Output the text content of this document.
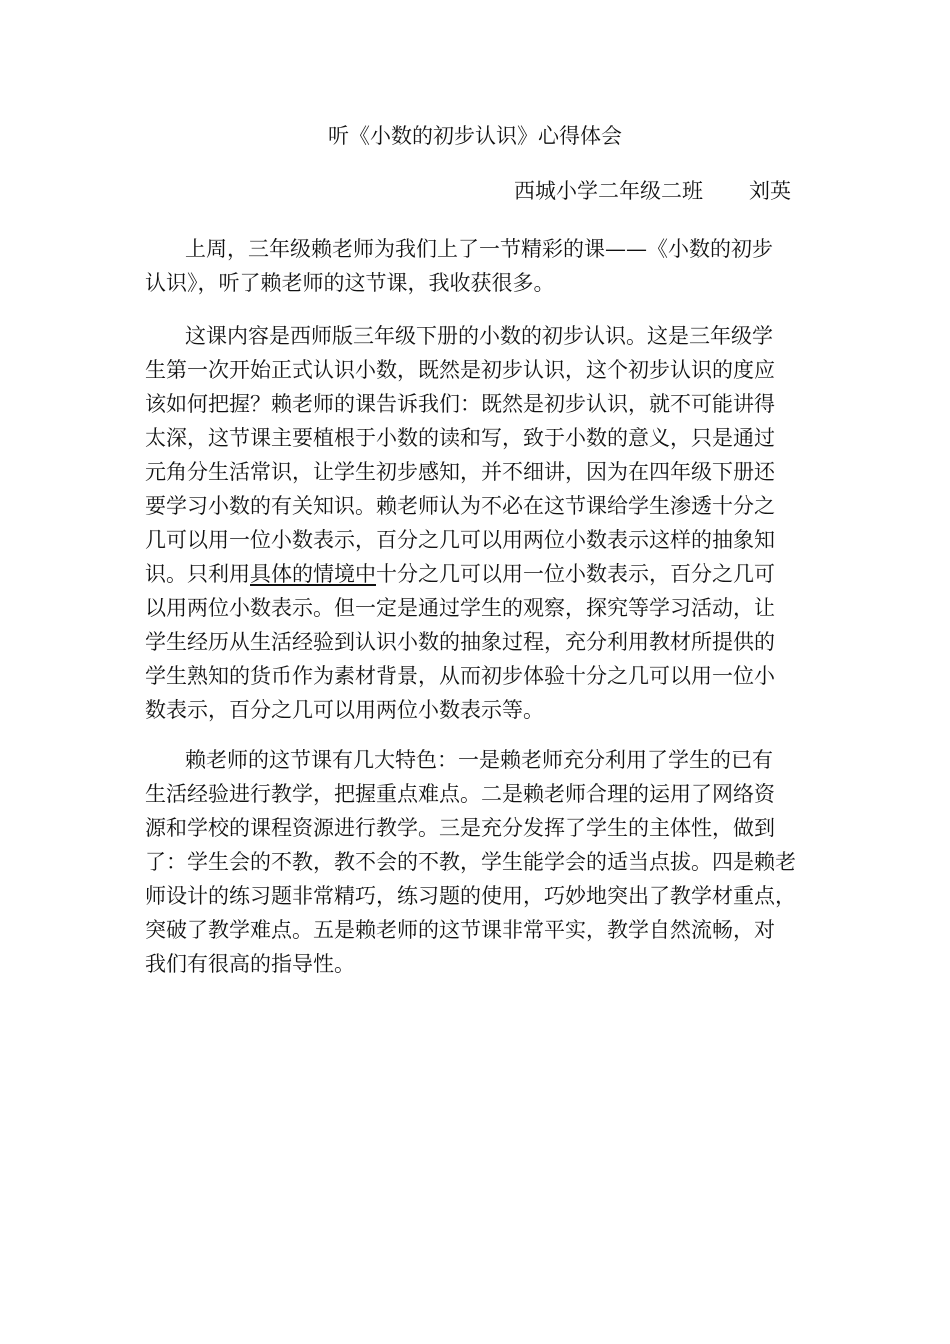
听《小数的初步认识》心得体会
西城小学二年级二班 刘英
上周，三年级赖老师为我们上了一节精彩的课——《小数的初步
认识》，听了赖老师的这节课，我收获很多。
这课内容是西师版三年级下册的小数的初步认识。这是三年级学
生第一次开始正式认识小数，既然是初步认识，这个初步认识的度应
该如何把握？赖老师的课告诉我们：既然是初步认识，就不可能讲得
太深，这节课主要植根于小数的读和写，致于小数的意义，只是通过
元角分生活常识，让学生初步感知，并不细讲，因为在四年级下册还
要学习小数的有关知识。赖老师认为不必在这节课给学生渗透十分之
几可以用一位小数表示，百分之几可以用两位小数表示这样的抽象知
识。只利用具体的情境中十分之几可以用一位小数表示，百分之几可
以用两位小数表示。但一定是通过学生的观察，探究等学习活动，让
学生经历从生活经验到认识小数的抽象过程，充分利用教材所提供的
学生熟知的货币作为素材背景，从而初步体验十分之几可以用一位小
数表示，百分之几可以用两位小数表示等。
赖老师的这节课有几大特色：一是赖老师充分利用了学生的已有
生活经验进行教学，把握重点难点。二是赖老师合理的运用了网络资
源和学校的课程资源进行教学。三是充分发挥了学生的主体性，做到
了：学生会的不教，教不会的不教，学生能学会的适当点拔。四是赖老
师设计的练习题非常精巧，练习题的使用，巧妙地突出了教学材重点，
突破了教学难点。五是赖老师的这节课非常平实，教学自然流畅，对
我们有很高的指导性。
